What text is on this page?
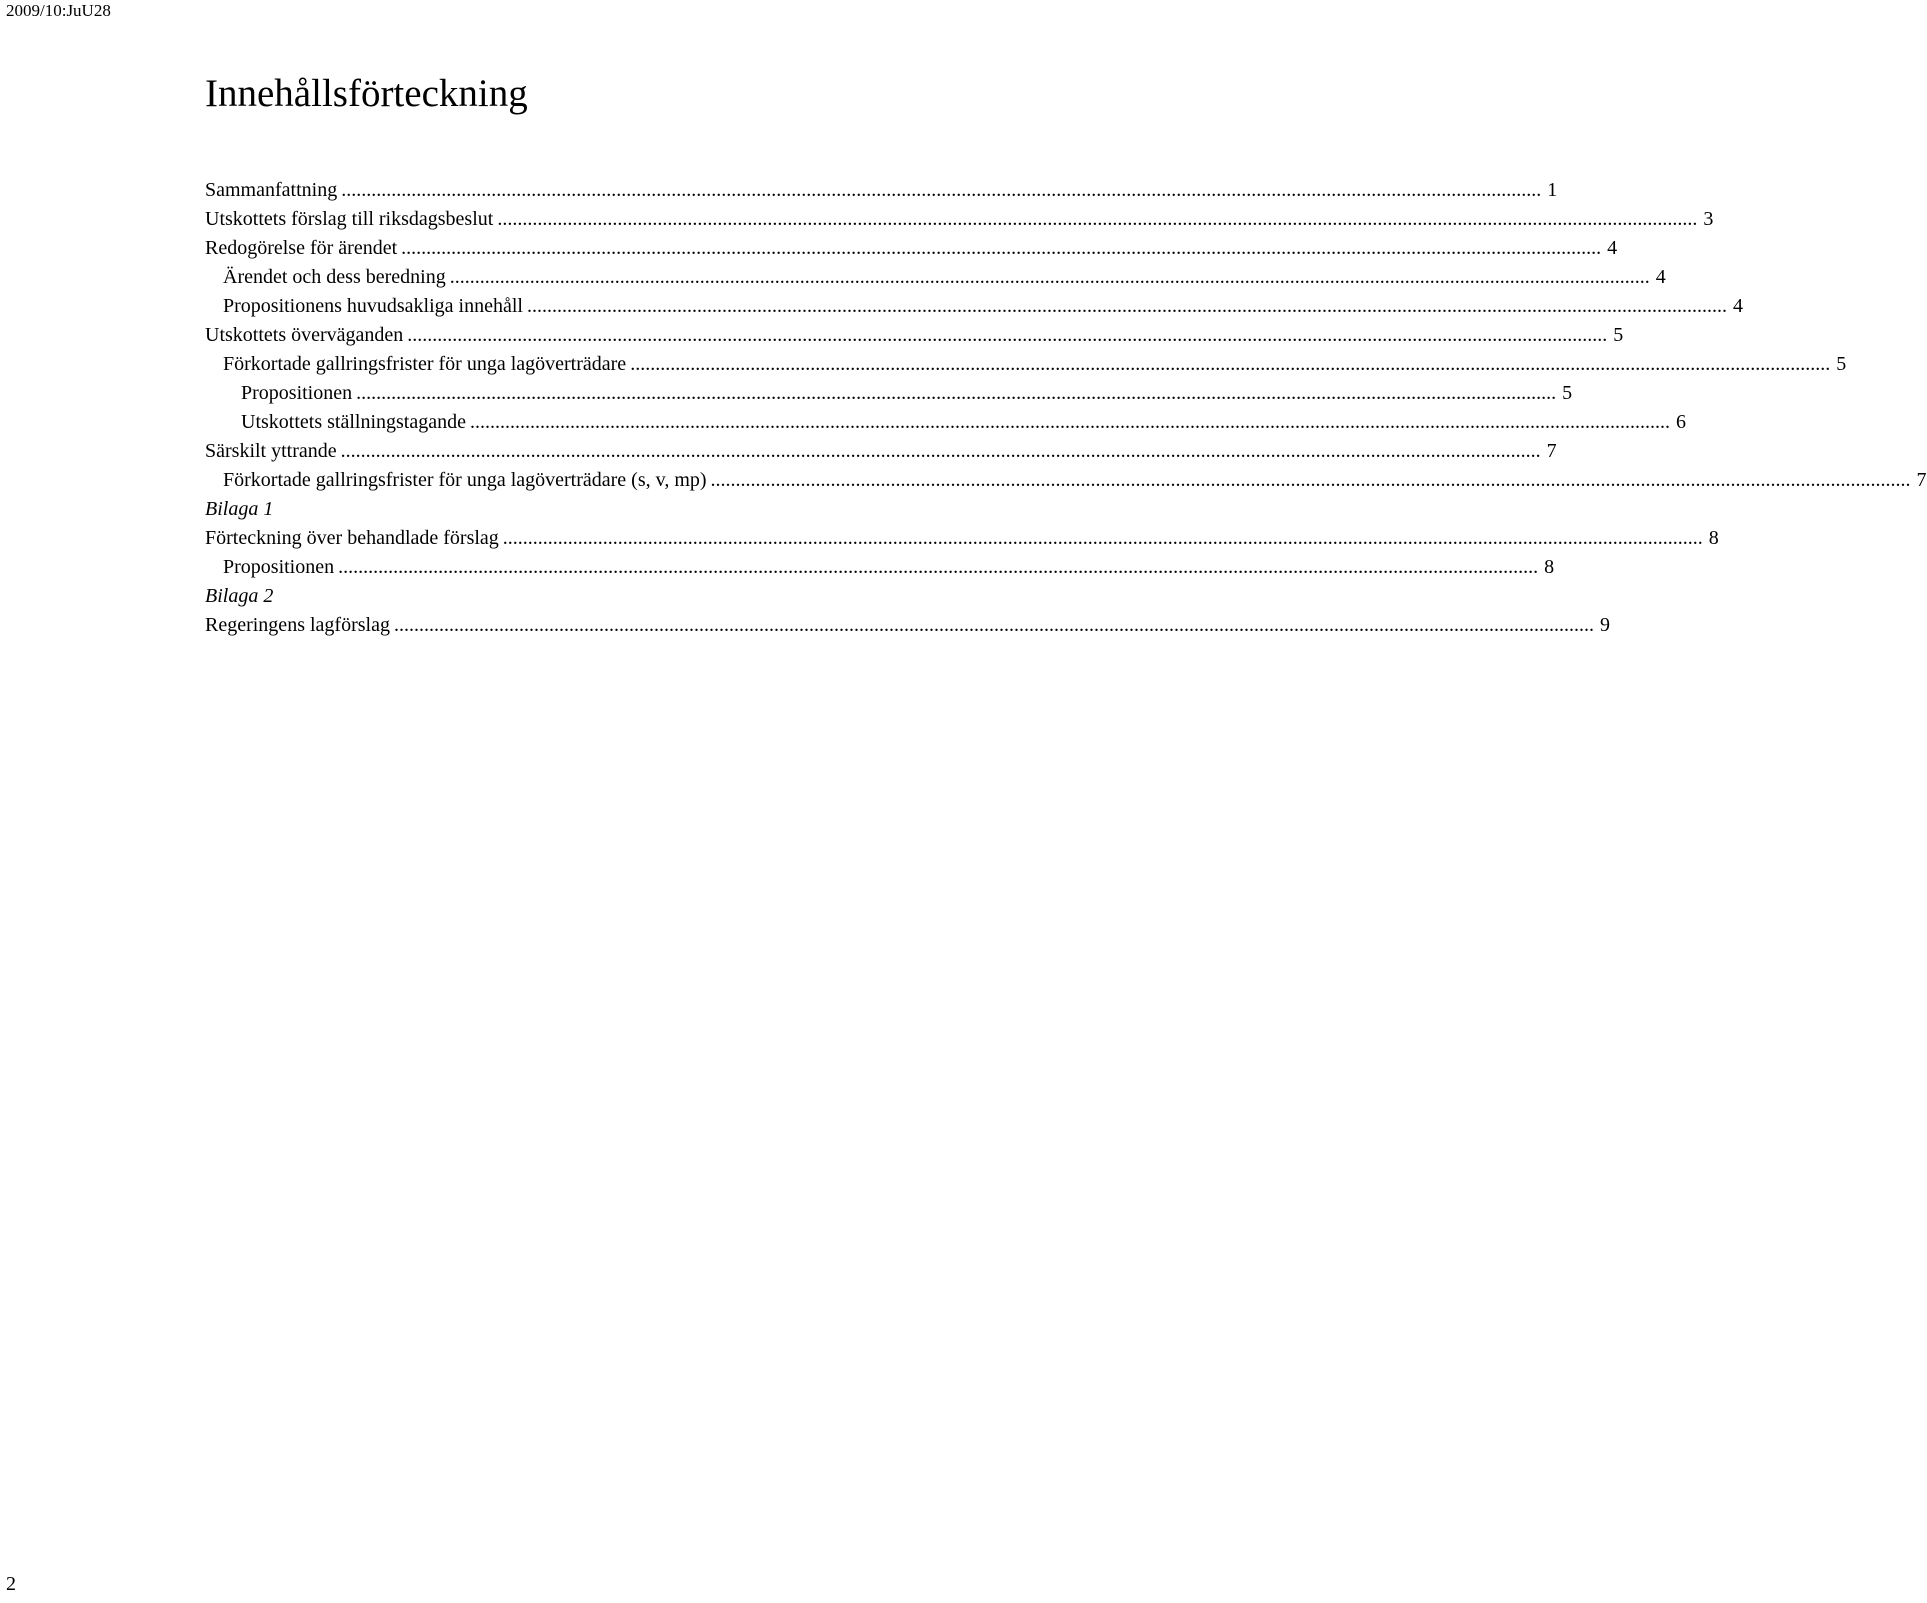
2009/10:JuU28
Innehållsförteckning
Sammanfattning ................................................................................................................................................................................................................................................ 1
Utskottets förslag till riksdagsbeslut ................................................................................................................................................................................................................................................ 3
Redogörelse för ärendet ................................................................................................................................................................................................................................................ 4
Ärendet och dess beredning ................................................................................................................................................................................................................................................ 4
Propositionens huvudsakliga innehåll ................................................................................................................................................................................................................................................ 4
Utskottets överväganden ................................................................................................................................................................................................................................................ 5
Förkortade gallringsfrister för unga lagöverträdare ................................................................................................................................................................................................................................................ 5
Propositionen ................................................................................................................................................................................................................................................ 5
Utskottets ställningstagande ................................................................................................................................................................................................................................................ 6
Särskilt yttrande ................................................................................................................................................................................................................................................ 7
Förkortade gallringsfrister för unga lagöverträdare (s, v, mp) ................................................................................................................................................................................................................................................ 7
Bilaga 1
Förteckning över behandlade förslag ................................................................................................................................................................................................................................................ 8
Propositionen ................................................................................................................................................................................................................................................ 8
Bilaga 2
Regeringens lagförslag ................................................................................................................................................................................................................................................ 9
2
